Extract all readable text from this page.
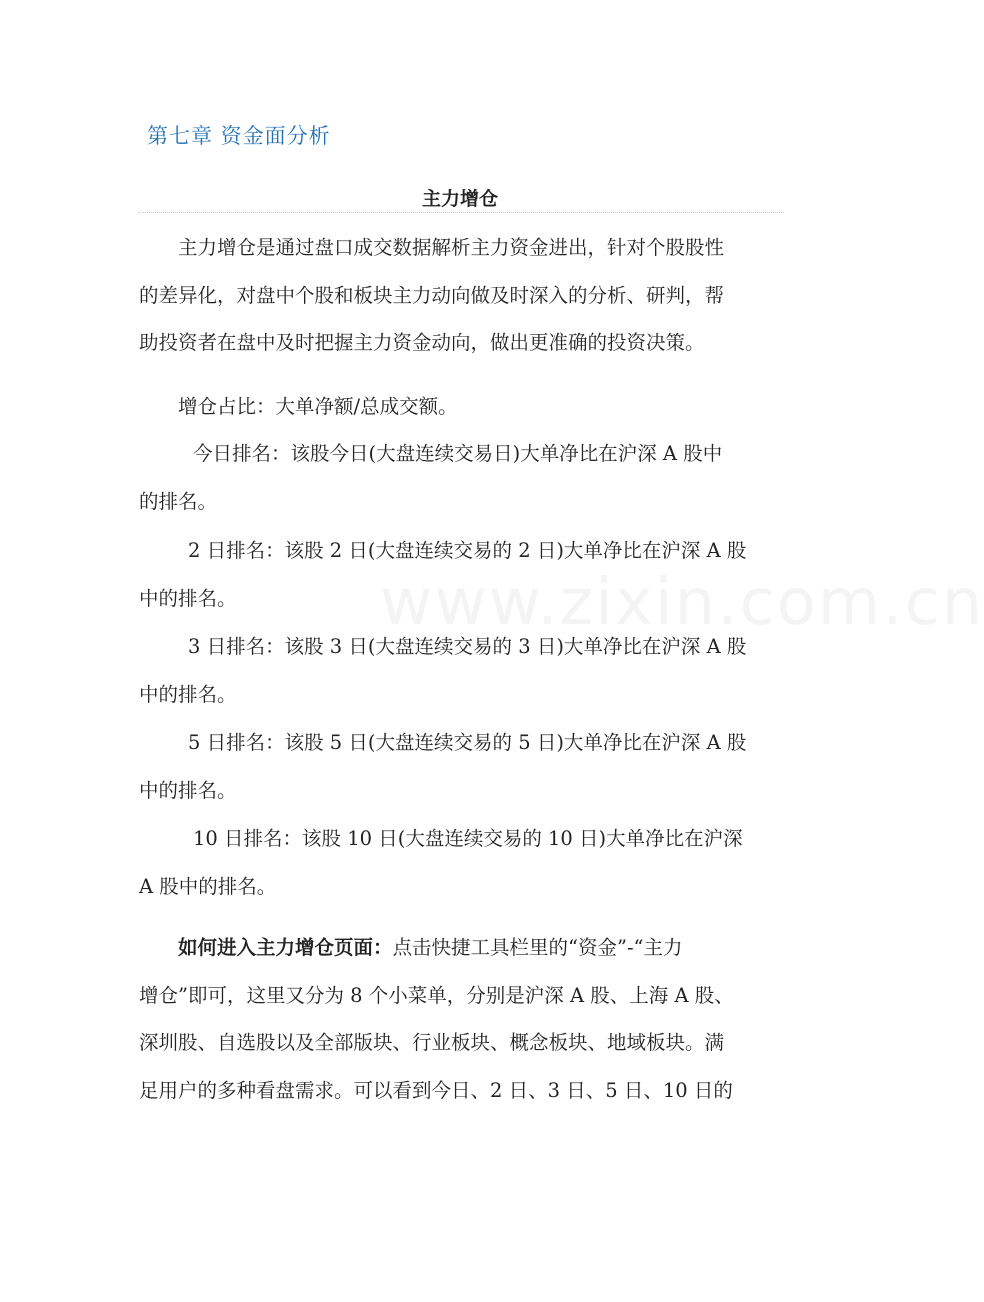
www.zixin.com.cn
第七章 资金面分析
主力增仓

主力增仓是通过盘口成交数据解析主力资金进出，针对个股股性
的差异化，对盘中个股和板块主力动向做及时深入的分析、研判，帮
助投资者在盘中及时把握主力资金动向，做出更准确的投资决策。

增仓占比：大单净额/总成交额。

今日排名：该股今日(大盘连续交易日)大单净比在沪深 A 股中
的排名。

2 日排名：该股 2 日(大盘连续交易的 2 日)大单净比在沪深 A 股
中的排名。

3 日排名：该股 3 日(大盘连续交易的 3 日)大单净比在沪深 A 股
中的排名。

5 日排名：该股 5 日(大盘连续交易的 5 日)大单净比在沪深 A 股
中的排名。

10 日排名：该股 10 日(大盘连续交易的 10 日)大单净比在沪深
A 股中的排名。

如何进入主力增仓页面：点击快捷工具栏里的“资金”-“主力
增仓”即可，这里又分为 8 个小菜单，分别是沪深 A 股、上海 A 股、
深圳股、自选股以及全部版块、行业板块、概念板块、地域板块。满
足用户的多种看盘需求。可以看到今日、2 日、3 日、5 日、10 日的
